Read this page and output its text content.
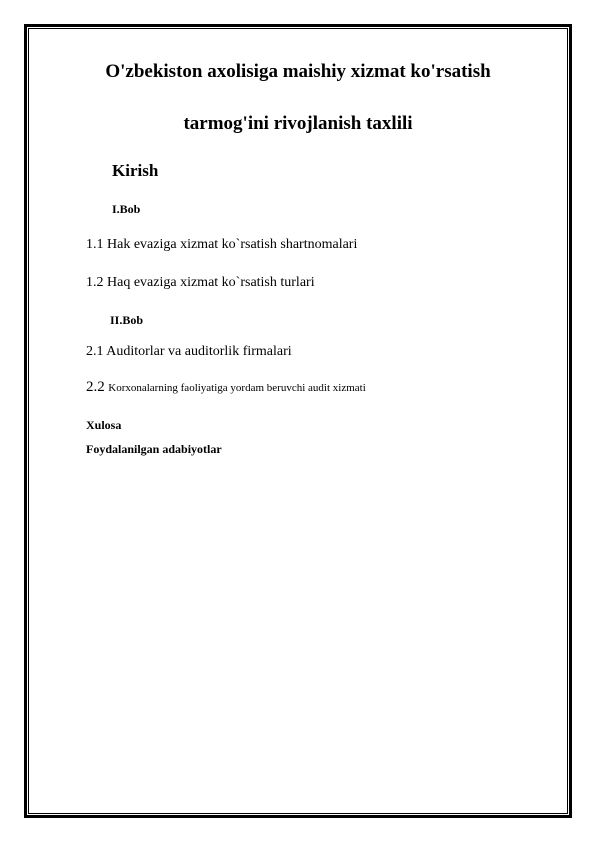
O'zbekiston axolisiga maishiy xizmat ko'rsatish
tarmog'ini rivojlanish taxlili
Kirish
I.Bob
1.1 Hak evaziga xizmat ko`rsatish shartnomalari
1.2 Haq evaziga xizmat ko`rsatish turlari
II.Bob
2.1 Auditorlar va auditorlik firmalari
2.2 Korxonalarning faoliyatiga yordam beruvchi audit xizmati
Xulosa
Foydalanilgan adabiyotlar
